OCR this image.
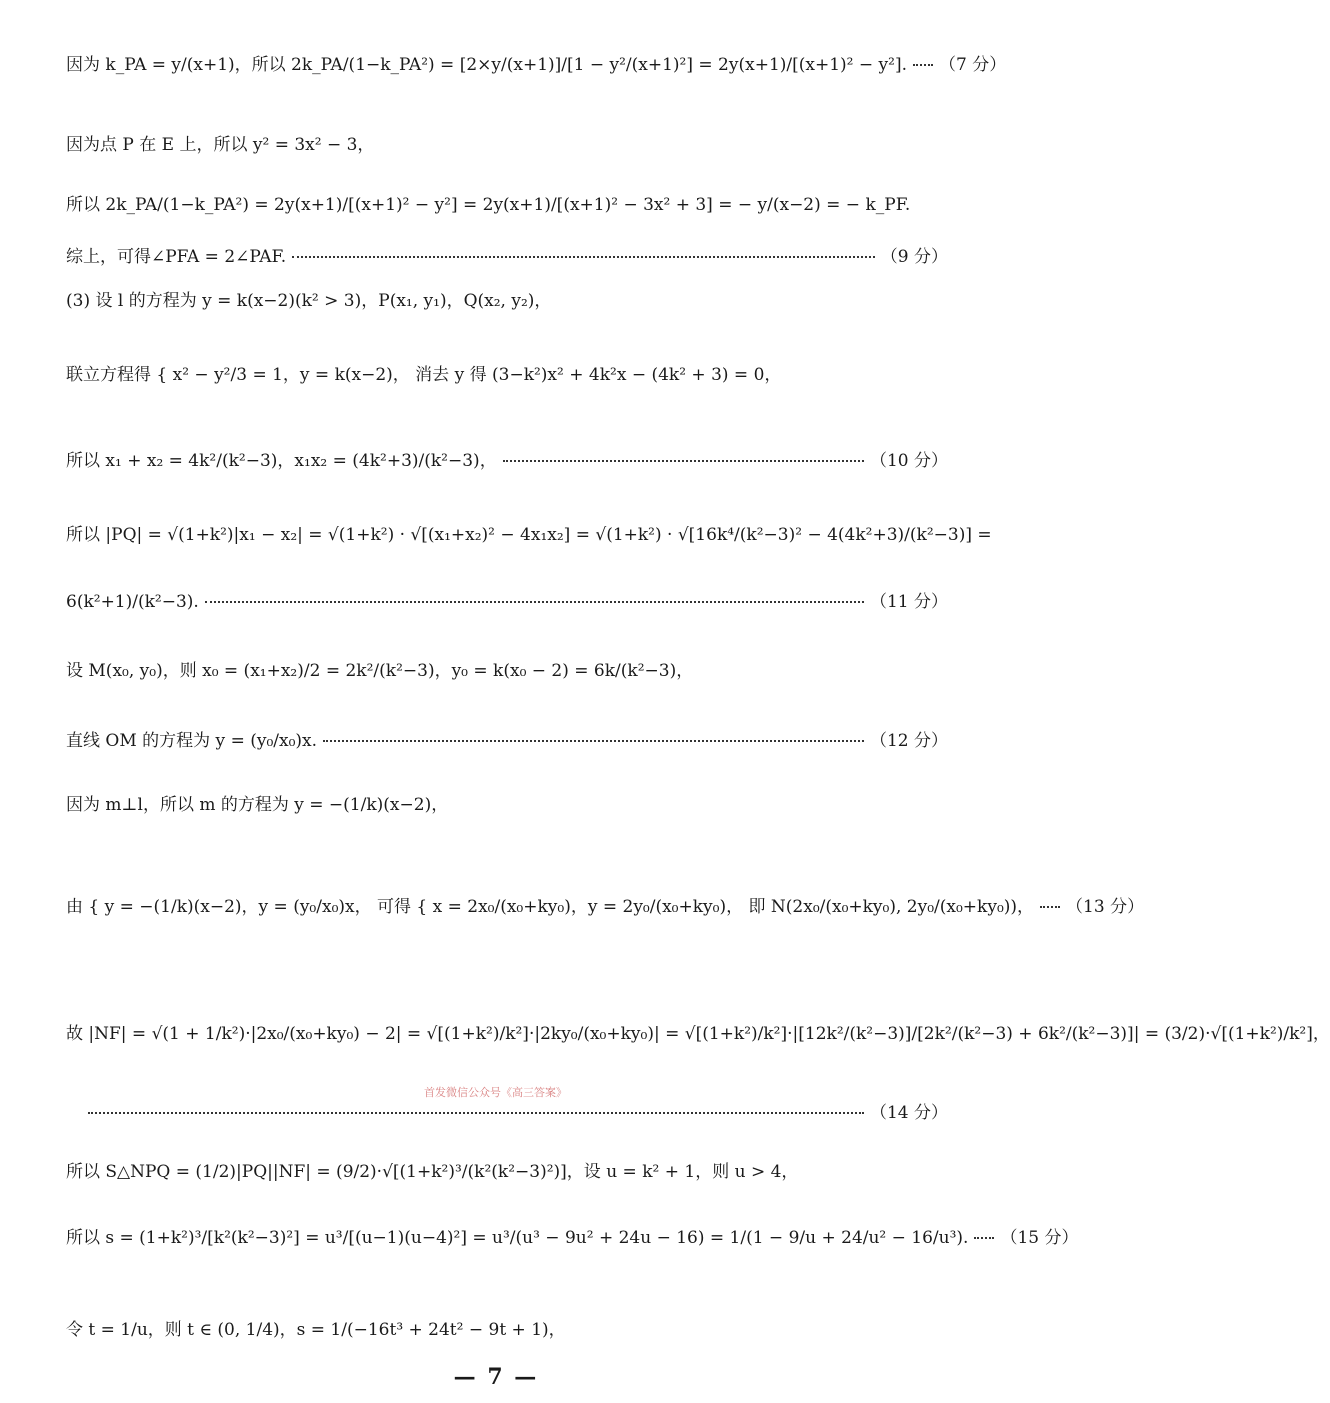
因为 k_PA = y/(x+1)，所以 2k_PA/(1−k_PA²) = [2×y/(x+1)]/[1 − y²/(x+1)²] = 2y(x+1)/[(x+1)² − y²]. （7 分）
因为点 P 在 E 上，所以 y² = 3x² − 3，
所以 2k_PA/(1−k_PA²) = 2y(x+1)/[(x+1)² − y²] = 2y(x+1)/[(x+1)² − 3x² + 3] = − y/(x−2) = − k_PF.
综上，可得∠PFA = 2∠PAF.	（9 分）
(3) 设 l 的方程为 y = k(x−2)(k² > 3)，P(x₁, y₁)，Q(x₂, y₂)，
联立方程得 { x² − y²/3 = 1，y = k(x−2)， 消去 y 得 (3−k²)x² + 4k²x − (4k² + 3) = 0，
所以 x₁ + x₂ = 4k²/(k²−3)，x₁x₂ = (4k²+3)/(k²−3)，	（10 分）
所以 |PQ| = √(1+k²)|x₁ − x₂| = √(1+k²) · √[(x₁+x₂)² − 4x₁x₂] = √(1+k²) · √[16k⁴/(k²−3)² − 4(4k²+3)/(k²−3)] =
6(k²+1)/(k²−3).	（11 分）
设 M(x₀, y₀)，则 x₀ = (x₁+x₂)/2 = 2k²/(k²−3)，y₀ = k(x₀ − 2) = 6k/(k²−3)，
直线 OM 的方程为 y = (y₀/x₀)x.	（12 分）
因为 m⊥l，所以 m 的方程为 y = −(1/k)(x−2)，
由 { y = −(1/k)(x−2)，y = (y₀/x₀)x， 可得 { x = 2x₀/(x₀+ky₀)，y = 2y₀/(x₀+ky₀)， 即 N(2x₀/(x₀+ky₀), 2y₀/(x₀+ky₀))， （13 分）
故 |NF| = √(1 + 1/k²)·|2x₀/(x₀+ky₀) − 2| = √[(1+k²)/k²]·|2ky₀/(x₀+ky₀)| = √[(1+k²)/k²]·|[12k²/(k²−3)]/[2k²/(k²−3) + 6k²/(k²−3)]| = (3/2)·√[(1+k²)/k²]，
首发微信公众号《高三答案》
（14 分）
所以 S△NPQ = (1/2)|PQ||NF| = (9/2)·√[(1+k²)³/(k²(k²−3)²)]，设 u = k² + 1，则 u > 4，
所以 s = (1+k²)³/[k²(k²−3)²] = u³/[(u−1)(u−4)²] = u³/(u³ − 9u² + 24u − 16) = 1/(1 − 9/u + 24/u² − 16/u³). （15 分）
令 t = 1/u，则 t ∈ (0, 1/4)，s = 1/(−16t³ + 24t² − 9t + 1)，
— 7 —
